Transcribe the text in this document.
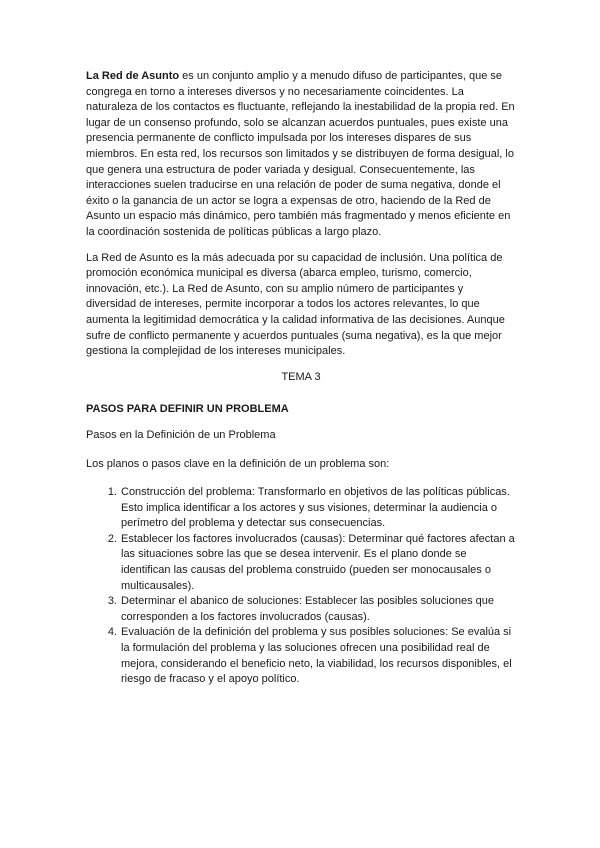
La Red de Asunto es un conjunto amplio y a menudo difuso de participantes, que se congrega en torno a intereses diversos y no necesariamente coincidentes. La naturaleza de los contactos es fluctuante, reflejando la inestabilidad de la propia red. En lugar de un consenso profundo, solo se alcanzan acuerdos puntuales, pues existe una presencia permanente de conflicto impulsada por los intereses dispares de sus miembros. En esta red, los recursos son limitados y se distribuyen de forma desigual, lo que genera una estructura de poder variada y desigual. Consecuentemente, las interacciones suelen traducirse en una relación de poder de suma negativa, donde el éxito o la ganancia de un actor se logra a expensas de otro, haciendo de la Red de Asunto un espacio más dinámico, pero también más fragmentado y menos eficiente en la coordinación sostenida de políticas públicas a largo plazo.

La Red de Asunto es la más adecuada por su capacidad de inclusión. Una política de promoción económica municipal es diversa (abarca empleo, turismo, comercio, innovación, etc.). La Red de Asunto, con su amplio número de participantes y diversidad de intereses, permite incorporar a todos los actores relevantes, lo que aumenta la legitimidad democrática y la calidad informativa de las decisiones. Aunque sufre de conflicto permanente y acuerdos puntuales (suma negativa), es la que mejor gestiona la complejidad de los intereses municipales.

TEMA 3

PASOS PARA DEFINIR UN PROBLEMA

Pasos en la Definición de un Problema

Los planos o pasos clave en la definición de un problema son:

1. Construcción del problema: Transformarlo en objetivos de las políticas públicas. Esto implica identificar a los actores y sus visiones, determinar la audiencia o perímetro del problema y detectar sus consecuencias.
2. Establecer los factores involucrados (causas): Determinar qué factores afectan a las situaciones sobre las que se desea intervenir. Es el plano donde se identifican las causas del problema construido (pueden ser monocausales o multicausales).
3. Determinar el abanico de soluciones: Establecer las posibles soluciones que corresponden a los factores involucrados (causas).
4. Evaluación de la definición del problema y sus posibles soluciones: Se evalúa si la formulación del problema y las soluciones ofrecen una posibilidad real de mejora, considerando el beneficio neto, la viabilidad, los recursos disponibles, el riesgo de fracaso y el apoyo político.
